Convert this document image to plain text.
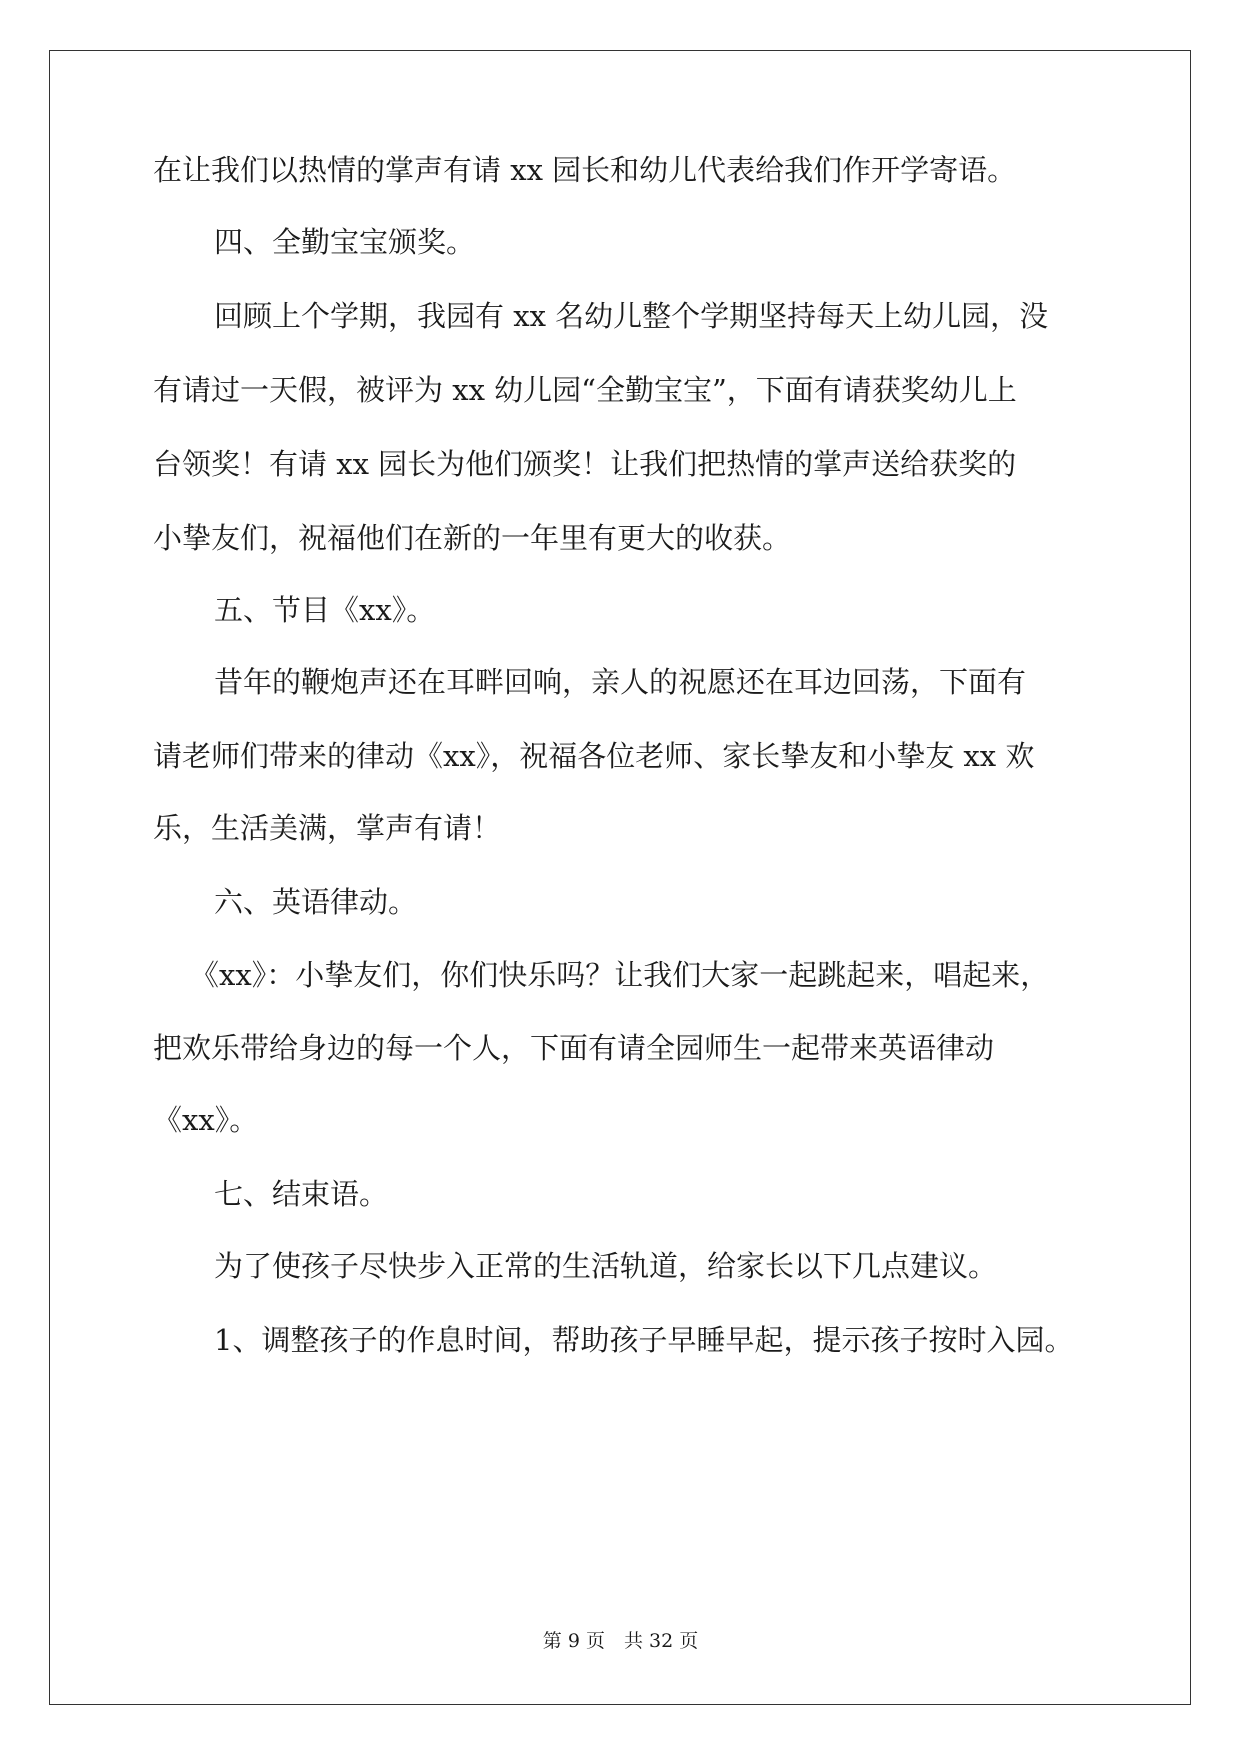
在让我们以热情的掌声有请 xx 园长和幼儿代表给我们作开学寄语。
四、全勤宝宝颁奖。
回顾上个学期，我园有 xx 名幼儿整个学期坚持每天上幼儿园，没
有请过一天假，被评为 xx 幼儿园“全勤宝宝”，下面有请获奖幼儿上
台领奖！有请 xx 园长为他们颁奖！让我们把热情的掌声送给获奖的
小挚友们，祝福他们在新的一年里有更大的收获。
五、节目《xx》。
昔年的鞭炮声还在耳畔回响，亲人的祝愿还在耳边回荡，下面有
请老师们带来的律动《xx》，祝福各位老师、家长挚友和小挚友 xx 欢
乐，生活美满，掌声有请！
六、英语律动。
《xx》：小挚友们，你们快乐吗？让我们大家一起跳起来，唱起来，
把欢乐带给身边的每一个人，下面有请全园师生一起带来英语律动
《xx》。
七、结束语。
为了使孩子尽快步入正常的生活轨道，给家长以下几点建议。
1、调整孩子的作息时间，帮助孩子早睡早起，提示孩子按时入园。
第 9 页　共 32 页
